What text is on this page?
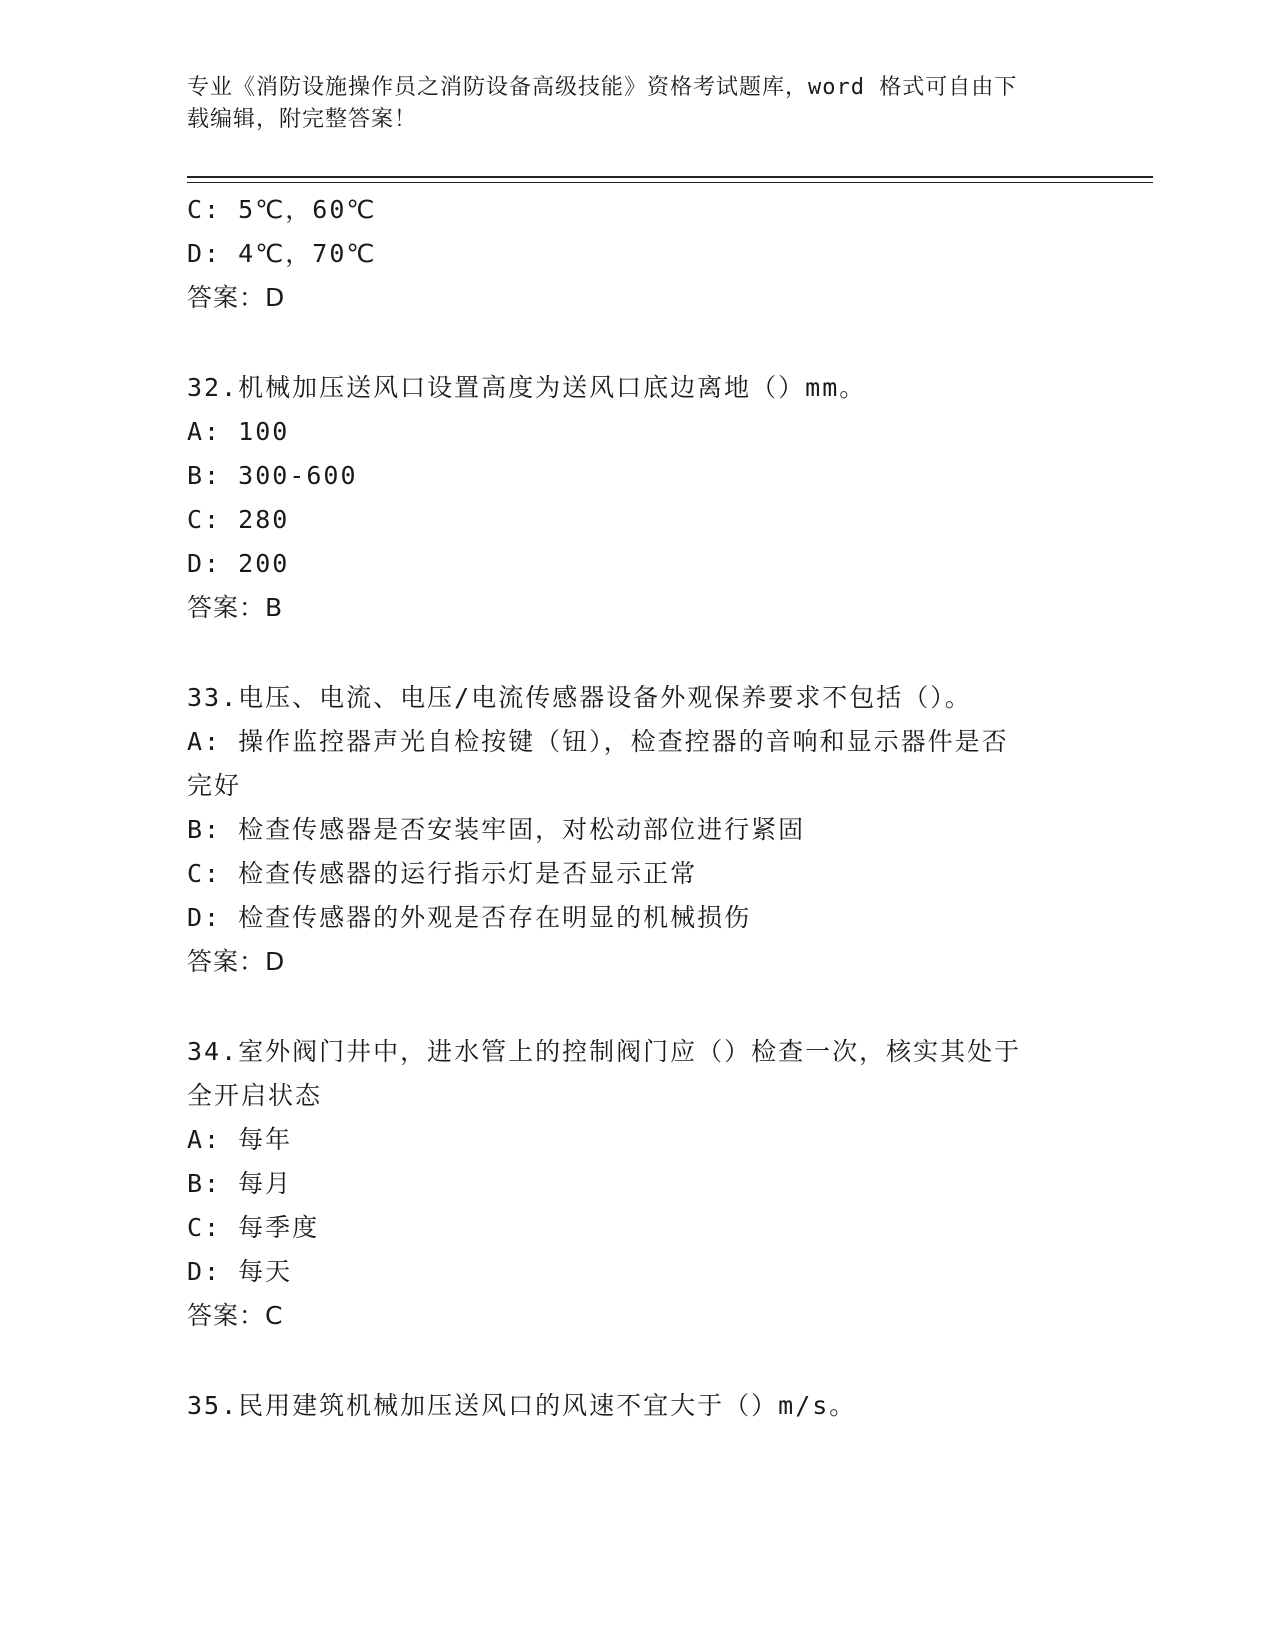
专业《消防设施操作员之消防设备高级技能》资格考试题库，word 格式可自由下
载编辑，附完整答案！
C: 5℃，60℃
D: 4℃，70℃
答案：D
32.机械加压送风口设置高度为送风口底边离地（）mm。
A: 100
B: 300-600
C: 280
D: 200
答案：B
33.电压、电流、电压/电流传感器设备外观保养要求不包括（）。
A: 操作监控器声光自检按键（钮），检查控器的音响和显示器件是否
完好
B: 检查传感器是否安装牢固，对松动部位进行紧固
C: 检查传感器的运行指示灯是否显示正常
D: 检查传感器的外观是否存在明显的机械损伤
答案：D
34.室外阀门井中，进水管上的控制阀门应（）检查一次，核实其处于
全开启状态
A: 每年
B: 每月
C: 每季度
D: 每天
答案：C
35.民用建筑机械加压送风口的风速不宜大于（）m/s。
